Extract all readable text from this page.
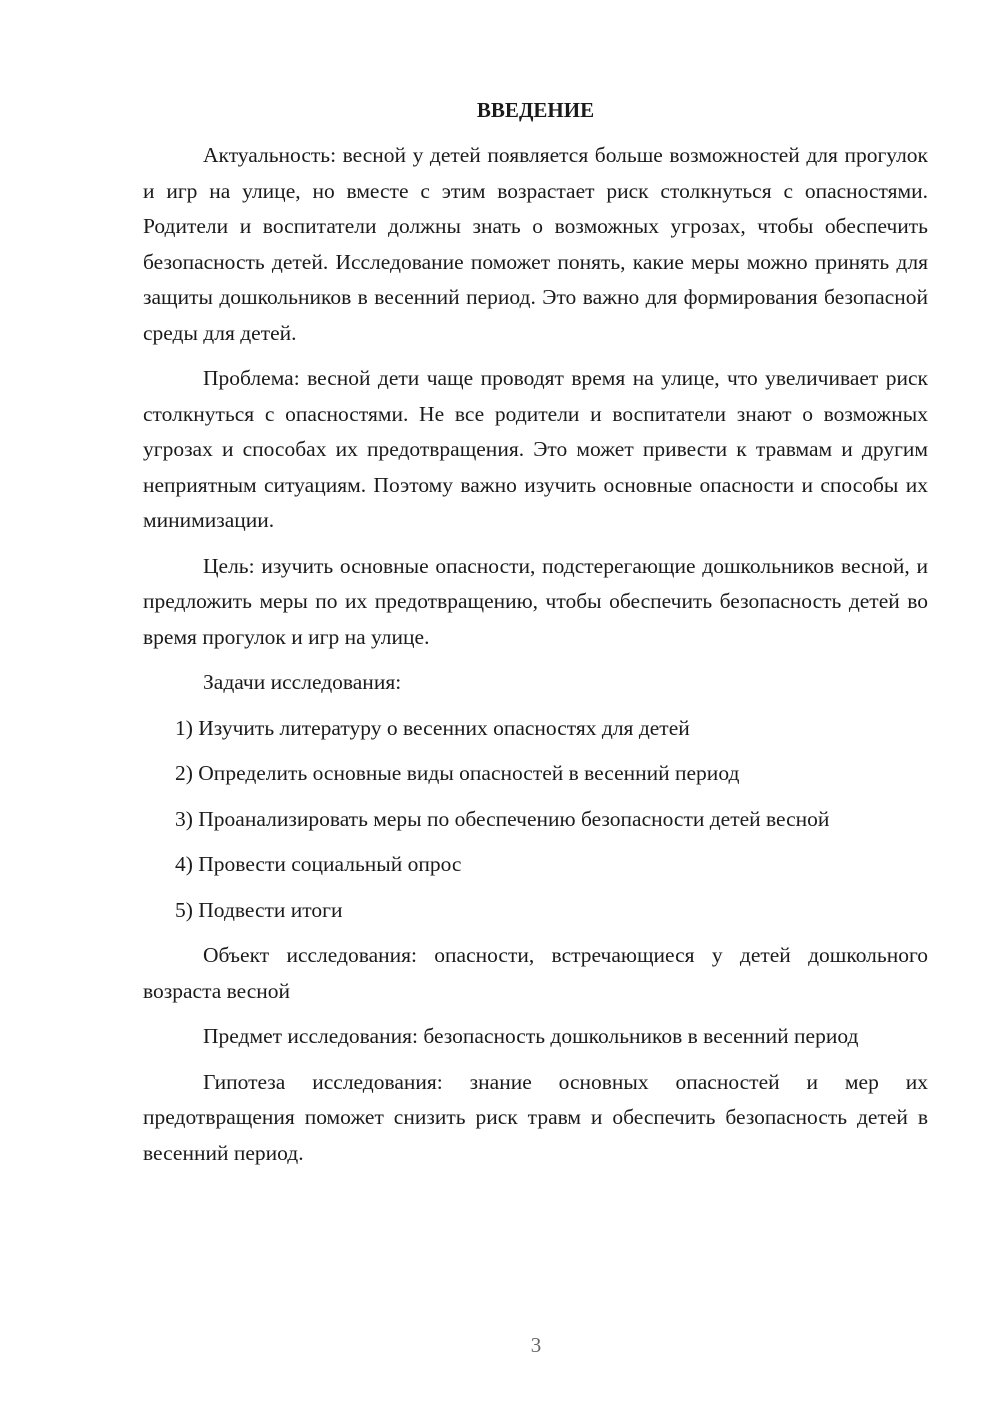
ВВЕДЕНИЕ

Актуальность: весной у детей появляется больше возможностей для прогулок и игр на улице, но вместе с этим возрастает риск столкнуться с опасностями. Родители и воспитатели должны знать о возможных угрозах, чтобы обеспечить безопасность детей. Исследование поможет понять, какие меры можно принять для защиты дошкольников в весенний период. Это важно для формирования безопасной среды для детей.

Проблема: весной дети чаще проводят время на улице, что увеличивает риск столкнуться с опасностями. Не все родители и воспитатели знают о возможных угрозах и способах их предотвращения. Это может привести к травмам и другим неприятным ситуациям. Поэтому важно изучить основные опасности и способы их минимизации.

Цель: изучить основные опасности, подстерегающие дошкольников весной, и предложить меры по их предотвращению, чтобы обеспечить безопасность детей во время прогулок и игр на улице.

Задачи исследования:

1) Изучить литературу о весенних опасностях для детей

2) Определить основные виды опасностей в весенний период

3) Проанализировать меры по обеспечению безопасности детей весной

4) Провести социальный опрос

5) Подвести итоги

Объект исследования: опасности, встречающиеся у детей дошкольного возраста весной

Предмет исследования: безопасность дошкольников в весенний период

Гипотеза исследования: знание основных опасностей и мер их предотвращения поможет снизить риск травм и обеспечить безопасность детей в весенний период.

3
